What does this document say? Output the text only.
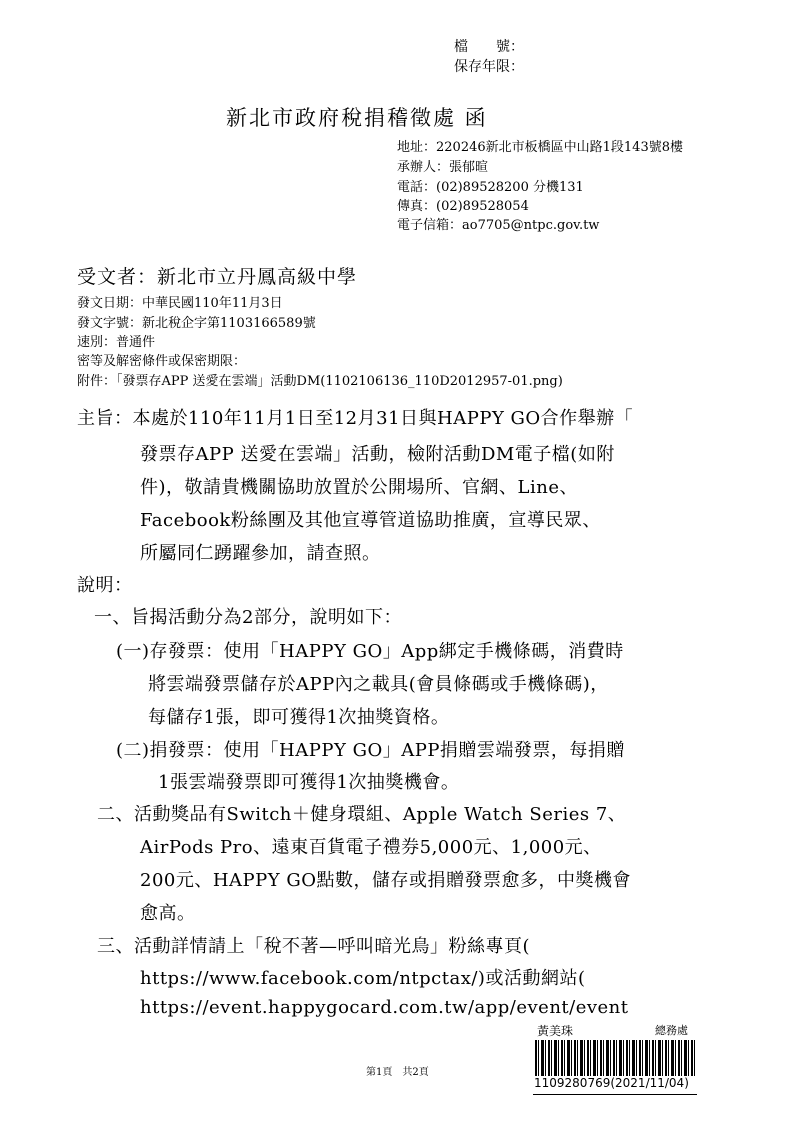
檔　　號：
保存年限：
新北市政府稅捐稽徵處 函
地址：220246新北市板橋區中山路1段143號8樓
承辦人：張郁暄
電話：(02)89528200 分機131
傳真：(02)89528054
電子信箱：ao7705@ntpc.gov.tw
受文者：新北市立丹鳳高級中學
發文日期：中華民國110年11月3日
發文字號：新北稅企字第1103166589號
速別：普通件
密等及解密條件或保密期限：
附件：「發票存APP 送愛在雲端」活動DM(1102106136_110D2012957-01.png)
主旨：本處於110年11月1日至12月31日與HAPPY GO合作舉辦「
發票存APP 送愛在雲端」活動，檢附活動DM電子檔(如附
件)，敬請貴機關協助放置於公開場所、官網、Line、
Facebook粉絲團及其他宣導管道協助推廣，宣導民眾、
所屬同仁踴躍參加，請查照。
說明：
一、旨揭活動分為2部分，說明如下：
(一)存發票：使用「HAPPY GO」App綁定手機條碼，消費時
將雲端發票儲存於APP內之載具(會員條碼或手機條碼)，
每儲存1張，即可獲得1次抽獎資格。
(二)捐發票：使用「HAPPY GO」APP捐贈雲端發票，每捐贈
1張雲端發票即可獲得1次抽獎機會。
二、活動獎品有Switch＋健身環組、Apple Watch Series 7、
AirPods Pro、遠東百貨電子禮券5,000元、1,000元、
200元、HAPPY GO點數，儲存或捐贈發票愈多，中獎機會
愈高。
三、活動詳情請上「稅不著—呼叫暗光鳥」粉絲專頁(
https://www.facebook.com/ntpctax/)或活動網站(
https://event.happygocard.com.tw/app/event/event
第1頁　共2頁
黃美珠	總務處
1109280769(2021/11/04)
